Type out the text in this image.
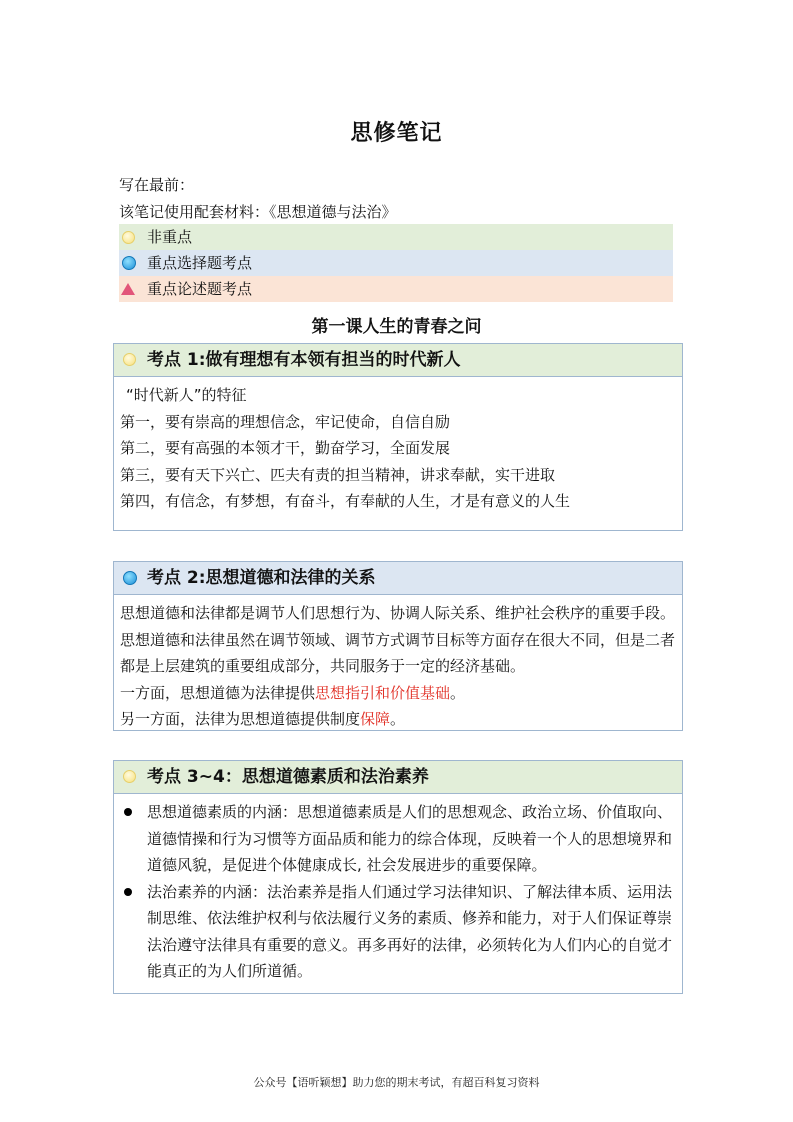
思修笔记
写在最前：
该笔记使用配套材料：《思想道德与法治》
非重点
重点选择题考点
重点论述题考点
第一课人生的青春之问
考点 1:做有理想有本领有担当的时代新人

“时代新人”的特征

第一，要有崇高的理想信念，牢记使命，自信自励

第二，要有高强的本领才干，勤奋学习，全面发展

第三，要有天下兴亡、匹夫有责的担当精神，讲求奉献，实干进取

第四，有信念，有梦想，有奋斗，有奉献的人生，才是有意义的人生

考点 2:思想道德和法律的关系

思想道德和法律都是调节人们思想行为、协调人际关系、维护社会秩序的重要手段。思想道德和法律虽然在调节领域、调节方式调节目标等方面存在很大不同，但是二者都是上层建筑的重要组成部分，共同服务于一定的经济基础。

一方面，思想道德为法律提供思想指引和价值基础。

另一方面，法律为思想道德提供制度保障。

考点 3~4：思想道德素质和法治素养
思想道德素质的内涵：思想道德素质是人们的思想观念、政治立场、价值取向、道德情操和行为习惯等方面品质和能力的综合体现，反映着一个人的思想境界和道德风貌，是促进个体健康成长, 社会发展进步的重要保障。
法治素养的内涵：法治素养是指人们通过学习法律知识、了解法律本质、运用法制思维、依法维护权利与依法履行义务的素质、修养和能力，对于人们保证尊崇法治遵守法律具有重要的意义。再多再好的法律，必须转化为人们内心的自觉才能真正的为人们所道循。
公众号【语听颖想】助力您的期末考试，有超百科复习资料
